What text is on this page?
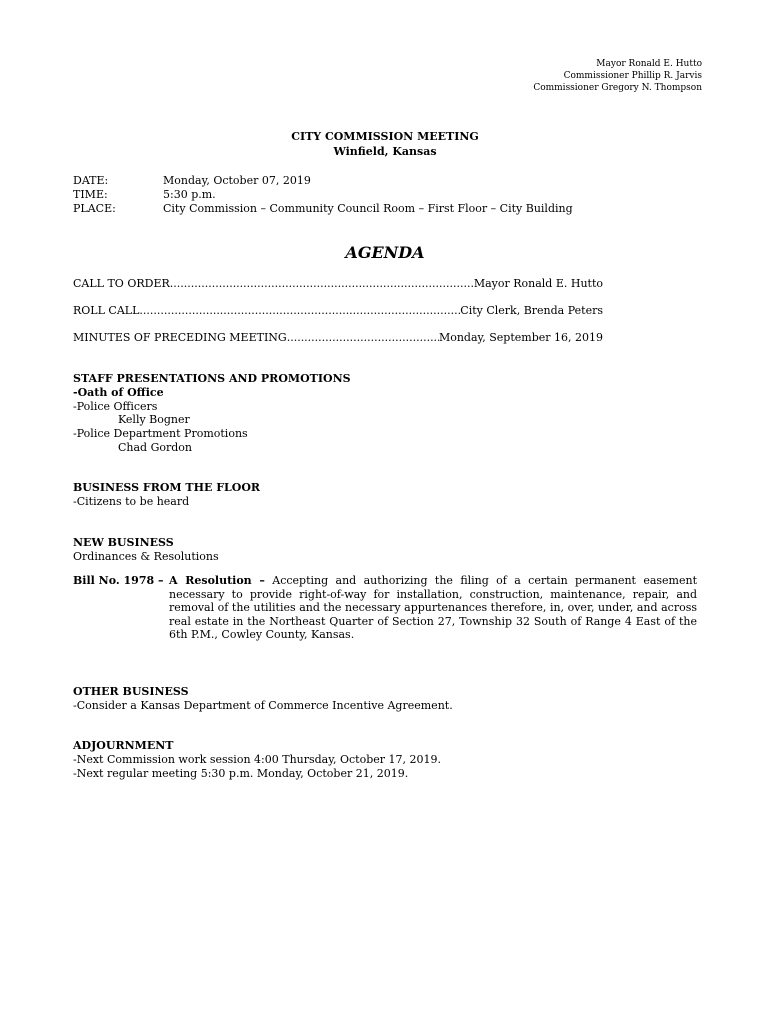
Mayor Ronald E. Hutto
Commissioner Phillip R. Jarvis
Commissioner Gregory N. Thompson
CITY COMMISSION MEETING
Winfield, Kansas
DATE:	Monday, October 07, 2019
TIME:	5:30 p.m.
PLACE:	City Commission – Community Council Room – First Floor – City Building
AGENDA
CALL TO ORDER .....	Mayor Ronald E. Hutto
ROLL CALL .....	City Clerk, Brenda Peters
MINUTES OF PRECEDING MEETING .....	Monday, September 16, 2019
STAFF PRESENTATIONS AND PROMOTIONS
-Oath of Office
-Police Officers
Kelly Bogner
-Police Department Promotions
Chad Gordon
BUSINESS FROM THE FLOOR
-Citizens to be heard
NEW BUSINESS
Ordinances & Resolutions
Bill No. 1978 – A Resolution – Accepting and authorizing the filing of a certain permanent easement necessary to provide right-of-way for installation, construction, maintenance, repair, and removal of the utilities and the necessary appurtenances therefore, in, over, under, and across real estate in the Northeast Quarter of Section 27, Township 32 South of Range 4 East of the 6th P.M., Cowley County, Kansas.
OTHER BUSINESS
-Consider a Kansas Department of Commerce Incentive Agreement.
ADJOURNMENT
-Next Commission work session 4:00 Thursday, October 17, 2019.
-Next regular meeting 5:30 p.m. Monday, October 21, 2019.
